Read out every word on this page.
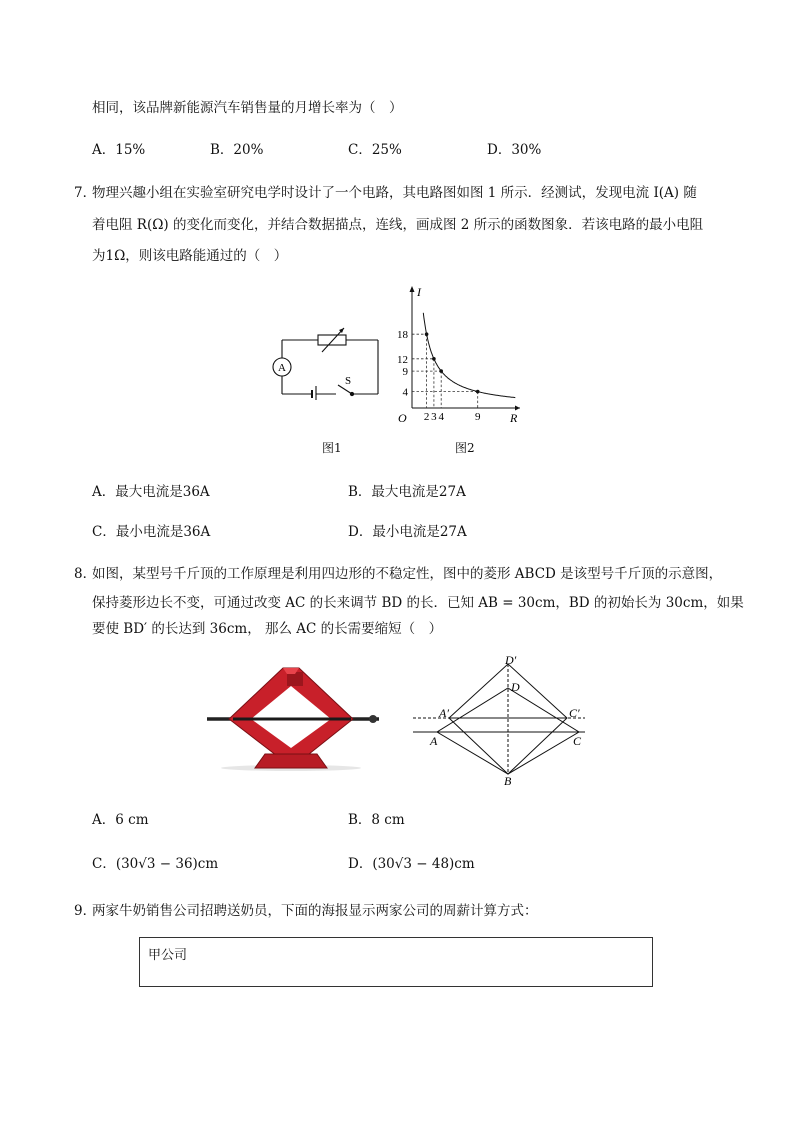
相同，该品牌新能源汽车销售量的月增长率为（　）
A．15%	B．20%	C．25%	D．30%
7．
物理兴趣小组在实验室研究电学时设计了一个电路，其电路图如图 1 所示．经测试，发现电流 I(A) 随
着电阻 R(Ω) 的变化而变化，并结合数据描点，连线，画成图 2 所示的函数图象．若该电路的最小电阻
为1Ω，则该电路能通过的（　）
A
S
图1
2 3 4	9
18
12
9
4
R
I
O
图2
A．最大电流是36A	B．最大电流是27A
C．最小电流是36A	D．最小电流是27A
8．
如图，某型号千斤顶的工作原理是利用四边形的不稳定性，图中的菱形 ABCD 是该型号千斤顶的示意图，
保持菱形边长不变，可通过改变 AC 的长来调节 BD 的长．已知 AB = 30cm，BD 的初始长为 30cm，如果
要使 BD′ 的长达到 36cm， 那么 AC 的长需要缩短（　）
D′
D
A′	C′
A	C
B
A．6 cm	B．8 cm
C．(30√3 − 36)cm	D．(30√3 − 48)cm
9．
两家牛奶销售公司招聘送奶员，下面的海报显示两家公司的周薪计算方式：
甲公司
